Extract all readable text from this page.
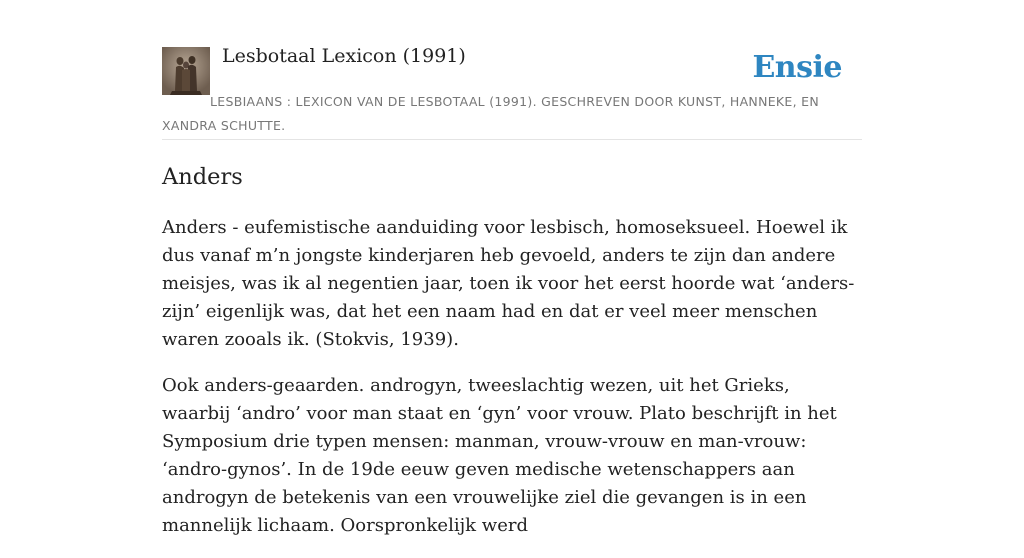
Lesbotaal Lexicon (1991)	Ensie
LESBIAANS : LEXICON VAN DE LESBOTAAL (1991). GESCHREVEN DOOR KUNST, HANNEKE, EN XANDRA SCHUTTE.
Anders

Anders - eufemistische aanduiding voor lesbisch, homoseksueel. Hoewel ik dus vanaf m’n jongste kinderjaren heb gevoeld, anders te zijn dan andere meisjes, was ik al negentien jaar, toen ik voor het eerst hoorde wat ‘anders-zijn’ eigenlijk was, dat het een naam had en dat er veel meer menschen waren zooals ik. (Stokvis, 1939).

Ook anders-geaarden. androgyn, tweeslachtig wezen, uit het Grieks, waarbij ‘andro’ voor man staat en ‘gyn’ voor vrouw. Plato beschrijft in het Symposium drie typen mensen: manman, vrouw-vrouw en man-vrouw: ‘andro-gynos’. In de 19de eeuw geven medische wetenschappers aan androgyn de betekenis van een vrouwelijke ziel die gevangen is in een mannelijk lichaam. Oorspronkelijk werd
